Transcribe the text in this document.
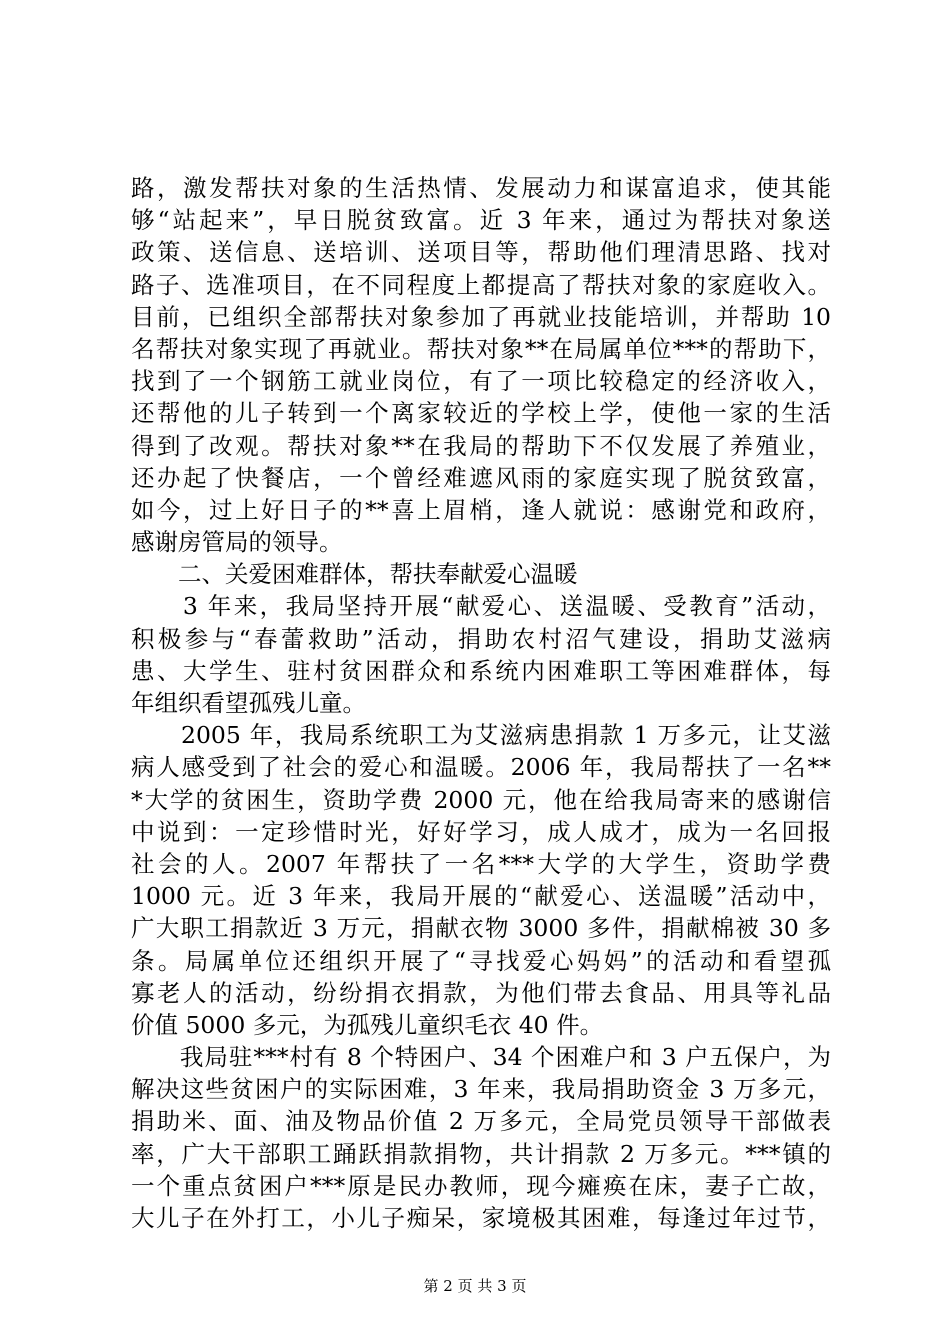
路，激发帮扶对象的生活热情、发展动力和谋富追求，使其能
够“站起来”，早日脱贫致富。近 3 年来，通过为帮扶对象送
政策、送信息、送培训、送项目等，帮助他们理清思路、找对
路子、选准项目，在不同程度上都提高了帮扶对象的家庭收入。
目前，已组织全部帮扶对象参加了再就业技能培训，并帮助 10
名帮扶对象实现了再就业。帮扶对象**在局属单位***的帮助下，
找到了一个钢筋工就业岗位，有了一项比较稳定的经济收入，
还帮他的儿子转到一个离家较近的学校上学，使他一家的生活
得到了改观。帮扶对象**在我局的帮助下不仅发展了养殖业，
还办起了快餐店，一个曾经难遮风雨的家庭实现了脱贫致富，
如今，过上好日子的**喜上眉梢，逢人就说：感谢党和政府，
感谢房管局的领导。
　　二、关爱困难群体，帮扶奉献爱心温暖
　　3 年来，我局坚持开展“献爱心、送温暖、受教育”活动，
积极参与“春蕾救助”活动，捐助农村沼气建设，捐助艾滋病
患、大学生、驻村贫困群众和系统内困难职工等困难群体，每
年组织看望孤残儿童。
　　2005 年，我局系统职工为艾滋病患捐款 1 万多元，让艾滋
病人感受到了社会的爱心和温暖。2006 年，我局帮扶了一名**
*大学的贫困生，资助学费 2000 元，他在给我局寄来的感谢信
中说到：一定珍惜时光，好好学习，成人成才，成为一名回报
社会的人。2007 年帮扶了一名***大学的大学生，资助学费
1000 元。近 3 年来，我局开展的“献爱心、送温暖”活动中，
广大职工捐款近 3 万元，捐献衣物 3000 多件，捐献棉被 30 多
条。局属单位还组织开展了“寻找爱心妈妈”的活动和看望孤
寡老人的活动，纷纷捐衣捐款，为他们带去食品、用具等礼品
价值 5000 多元，为孤残儿童织毛衣 40 件。
　　我局驻***村有 8 个特困户、34 个困难户和 3 户五保户，为
解决这些贫困户的实际困难，3 年来，我局捐助资金 3 万多元，
捐助米、面、油及物品价值 2 万多元，全局党员领导干部做表
率，广大干部职工踊跃捐款捐物，共计捐款 2 万多元。***镇的
一个重点贫困户***原是民办教师，现今瘫痪在床，妻子亡故，
大儿子在外打工，小儿子痴呆，家境极其困难，每逢过年过节，
第 2 页 共 3 页
